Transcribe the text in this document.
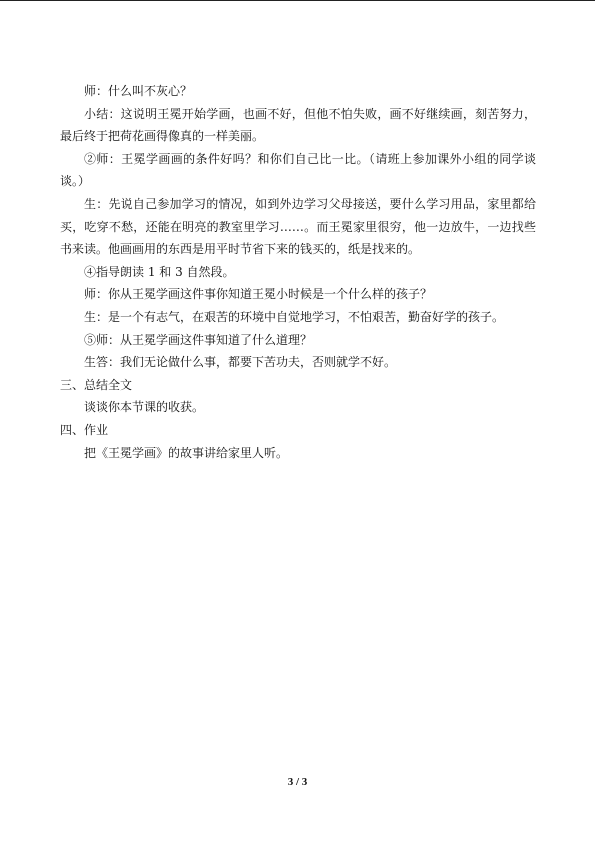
师：什么叫不灰心？

小结：这说明王冕开始学画，也画不好，但他不怕失败，画不好继续画，刻苦努力，最后终于把荷花画得像真的一样美丽。

②师：王冕学画画的条件好吗？和你们自己比一比。（请班上参加课外小组的同学谈谈。）

生：先说自己参加学习的情况，如到外边学习父母接送，要什么学习用品，家里都给买，吃穿不愁，还能在明亮的教室里学习……。而王冕家里很穷，他一边放牛，一边找些书来读。他画画用的东西是用平时节省下来的钱买的，纸是找来的。

④指导朗读 1 和 3 自然段。

师：你从王冕学画这件事你知道王冕小时候是一个什么样的孩子？

生：是一个有志气，在艰苦的环境中自觉地学习，不怕艰苦，勤奋好学的孩子。

⑤师：从王冕学画这件事知道了什么道理？

生答：我们无论做什么事，都要下苦功夫，否则就学不好。

三、总结全文

谈谈你本节课的收获。

四、作业

把《王冕学画》的故事讲给家里人听。

3 / 3
